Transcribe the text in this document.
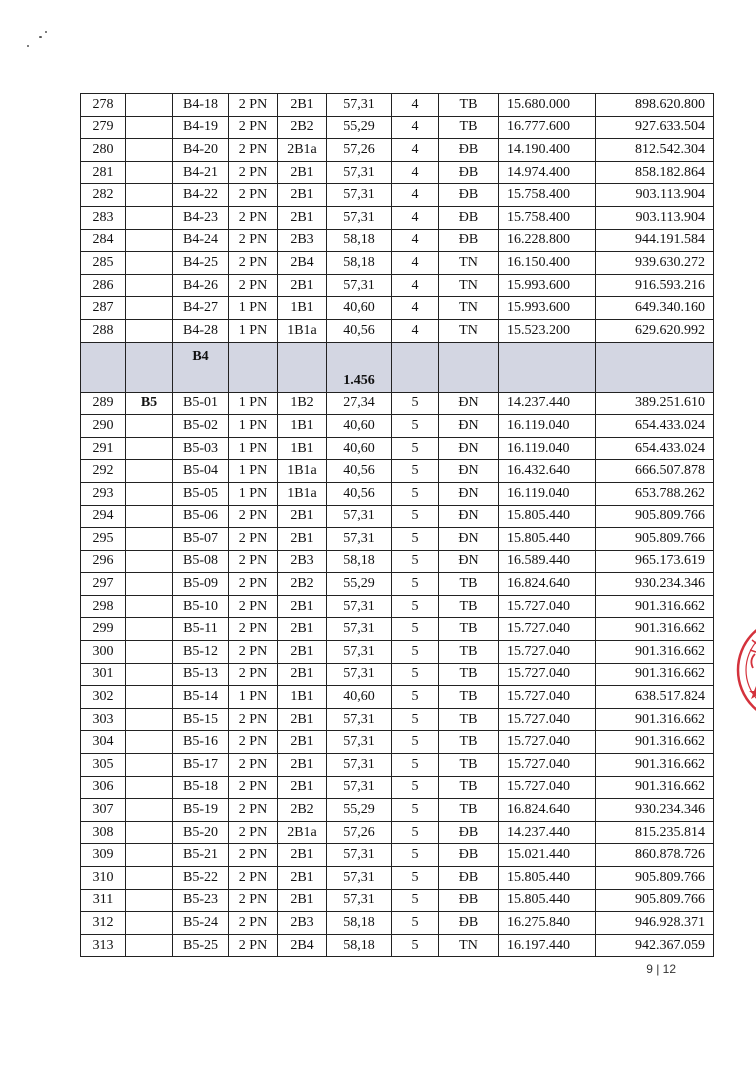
278		B4-18	2 PN	2B1	57,31	4	TB	15.680.000	898.620.800
279		B4-19	2 PN	2B2	55,29	4	TB	16.777.600	927.633.504
280		B4-20	2 PN	2B1a	57,26	4	ĐB	14.190.400	812.542.304
281		B4-21	2 PN	2B1	57,31	4	ĐB	14.974.400	858.182.864
282		B4-22	2 PN	2B1	57,31	4	ĐB	15.758.400	903.113.904
283		B4-23	2 PN	2B1	57,31	4	ĐB	15.758.400	903.113.904
284		B4-24	2 PN	2B3	58,18	4	ĐB	16.228.800	944.191.584
285		B4-25	2 PN	2B4	58,18	4	TN	16.150.400	939.630.272
286		B4-26	2 PN	2B1	57,31	4	TN	15.993.600	916.593.216
287		B4-27	1 PN	1B1	40,60	4	TN	15.993.600	649.340.160
288		B4-28	1 PN	1B1a	40,56	4	TN	15.523.200	629.620.992
		B4			1.456				
289	B5	B5-01	1 PN	1B2	27,34	5	ĐN	14.237.440	389.251.610
290		B5-02	1 PN	1B1	40,60	5	ĐN	16.119.040	654.433.024
291		B5-03	1 PN	1B1	40,60	5	ĐN	16.119.040	654.433.024
292		B5-04	1 PN	1B1a	40,56	5	ĐN	16.432.640	666.507.878
293		B5-05	1 PN	1B1a	40,56	5	ĐN	16.119.040	653.788.262
294		B5-06	2 PN	2B1	57,31	5	ĐN	15.805.440	905.809.766
295		B5-07	2 PN	2B1	57,31	5	ĐN	15.805.440	905.809.766
296		B5-08	2 PN	2B3	58,18	5	ĐN	16.589.440	965.173.619
297		B5-09	2 PN	2B2	55,29	5	TB	16.824.640	930.234.346
298		B5-10	2 PN	2B1	57,31	5	TB	15.727.040	901.316.662
299		B5-11	2 PN	2B1	57,31	5	TB	15.727.040	901.316.662
300		B5-12	2 PN	2B1	57,31	5	TB	15.727.040	901.316.662
301		B5-13	2 PN	2B1	57,31	5	TB	15.727.040	901.316.662
302		B5-14	1 PN	1B1	40,60	5	TB	15.727.040	638.517.824
303		B5-15	2 PN	2B1	57,31	5	TB	15.727.040	901.316.662
304		B5-16	2 PN	2B1	57,31	5	TB	15.727.040	901.316.662
305		B5-17	2 PN	2B1	57,31	5	TB	15.727.040	901.316.662
306		B5-18	2 PN	2B1	57,31	5	TB	15.727.040	901.316.662
307		B5-19	2 PN	2B2	55,29	5	TB	16.824.640	930.234.346
308		B5-20	2 PN	2B1a	57,26	5	ĐB	14.237.440	815.235.814
309		B5-21	2 PN	2B1	57,31	5	ĐB	15.021.440	860.878.726
310		B5-22	2 PN	2B1	57,31	5	ĐB	15.805.440	905.809.766
311		B5-23	2 PN	2B1	57,31	5	ĐB	15.805.440	905.809.766
312		B5-24	2 PN	2B3	58,18	5	ĐB	16.275.840	946.928.371
313		B5-25	2 PN	2B4	58,18	5	TN	16.197.440	942.367.059
9 | 12
